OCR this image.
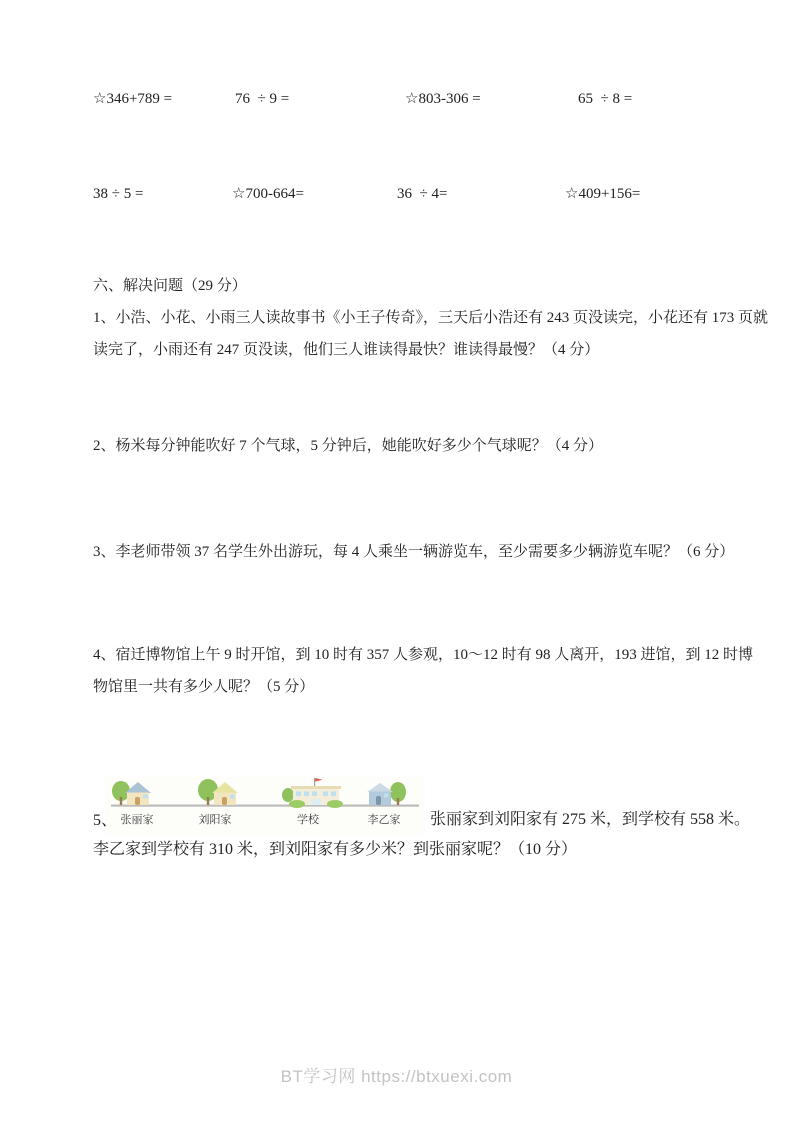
☆346+789 =	76  ÷ 9 =	☆803-306 =	65  ÷ 8 =
38 ÷ 5 =	☆700-664=	36  ÷ 4=	☆409+156=
六、解决问题（29 分）
1、小浩、小花、小雨三人读故事书《小王子传奇》，三天后小浩还有 243 页没读完，小花还有 173 页就
读完了，小雨还有 247 页没读，他们三人谁读得最快？谁读得最慢？（4 分）
2、杨米每分钟能吹好 7 个气球，5 分钟后，她能吹好多少个气球呢？（4 分）
3、李老师带领 37 名学生外出游玩，每 4 人乘坐一辆游览车，至少需要多少辆游览车呢？（6 分）
4、宿迁博物馆上午 9 时开馆，到 10 时有 357 人参观，10～12 时有 98 人离开，193 进馆，到 12 时博
物馆里一共有多少人呢？（5 分）
张丽家	刘阳家	学校	李乙家
5、	张丽家到刘阳家有 275 米，到学校有 558 米。
李乙家到学校有 310 米，到刘阳家有多少米？到张丽家呢？（10 分）
BT学习网 https://btxuexi.com
